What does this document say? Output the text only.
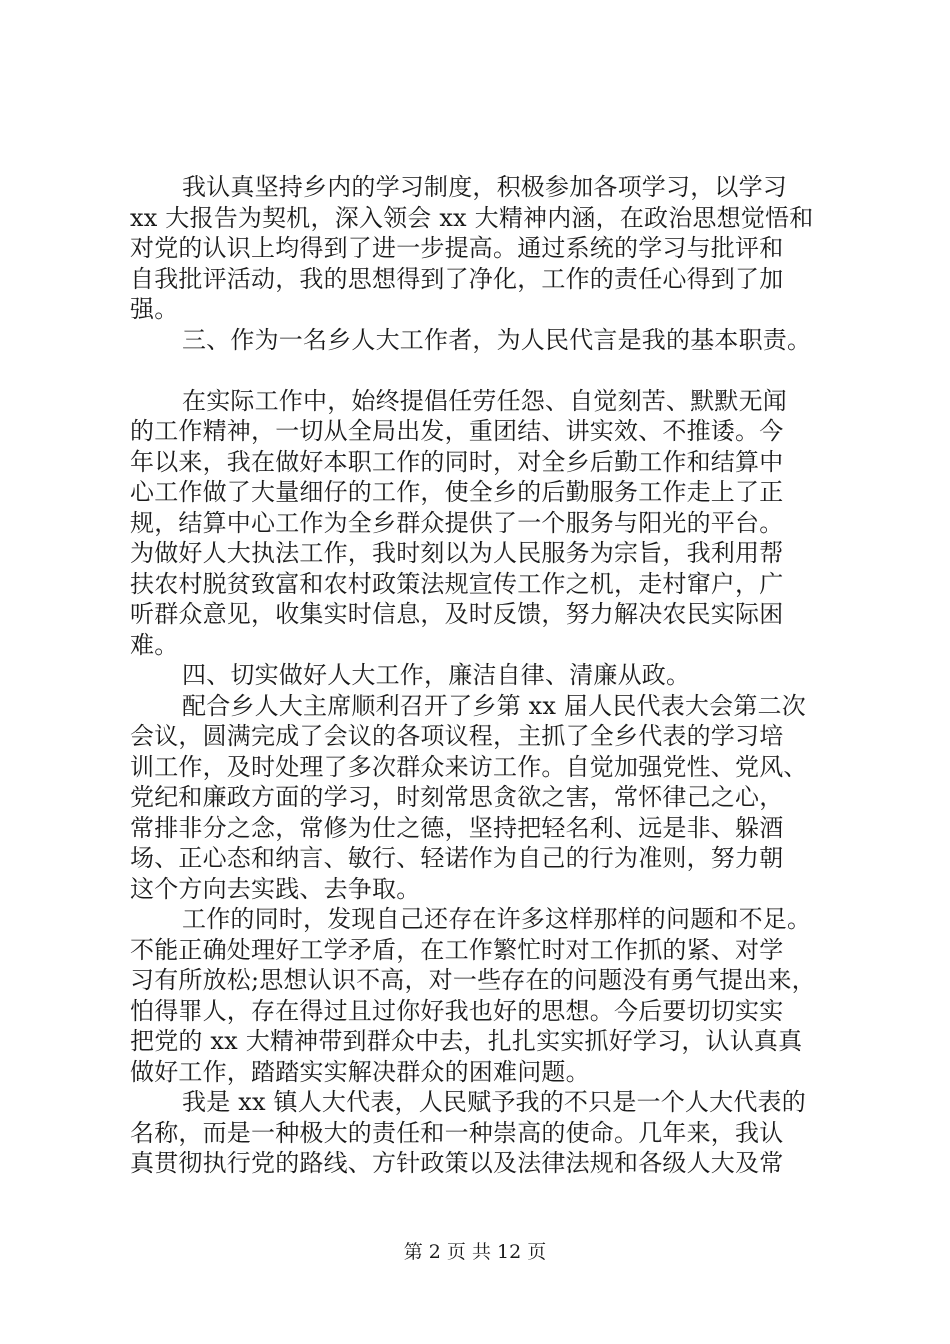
我认真坚持乡内的学习制度，积极参加各项学习，以学习
xx 大报告为契机，深入领会 xx 大精神内涵，在政治思想觉悟和
对党的认识上均得到了进一步提高。通过系统的学习与批评和
自我批评活动，我的思想得到了净化，工作的责任心得到了加
强。
三、作为一名乡人大工作者，为人民代言是我的基本职责。
在实际工作中，始终提倡任劳任怨、自觉刻苦、默默无闻
的工作精神，一切从全局出发，重团结、讲实效、不推诿。今
年以来，我在做好本职工作的同时，对全乡后勤工作和结算中
心工作做了大量细仔的工作，使全乡的后勤服务工作走上了正
规，结算中心工作为全乡群众提供了一个服务与阳光的平台。
为做好人大执法工作，我时刻以为人民服务为宗旨，我利用帮
扶农村脱贫致富和农村政策法规宣传工作之机，走村窜户，广
听群众意见，收集实时信息，及时反馈，努力解决农民实际困
难。
四、切实做好人大工作，廉洁自律、清廉从政。
配合乡人大主席顺利召开了乡第 xx 届人民代表大会第二次
会议，圆满完成了会议的各项议程，主抓了全乡代表的学习培
训工作，及时处理了多次群众来访工作。自觉加强党性、党风、
党纪和廉政方面的学习，时刻常思贪欲之害，常怀律己之心，
常排非分之念，常修为仕之德，坚持把轻名利、远是非、躲酒
场、正心态和纳言、敏行、轻诺作为自己的行为准则，努力朝
这个方向去实践、去争取。
工作的同时，发现自己还存在许多这样那样的问题和不足。
不能正确处理好工学矛盾，在工作繁忙时对工作抓的紧、对学
习有所放松;思想认识不高，对一些存在的问题没有勇气提出来，
怕得罪人，存在得过且过你好我也好的思想。今后要切切实实
把党的 xx 大精神带到群众中去，扎扎实实抓好学习，认认真真
做好工作，踏踏实实解决群众的困难问题。
我是 xx 镇人大代表，人民赋予我的不只是一个人大代表的
名称，而是一种极大的责任和一种崇高的使命。几年来，我认
真贯彻执行党的路线、方针政策以及法律法规和各级人大及常
第 2 页 共 12 页
